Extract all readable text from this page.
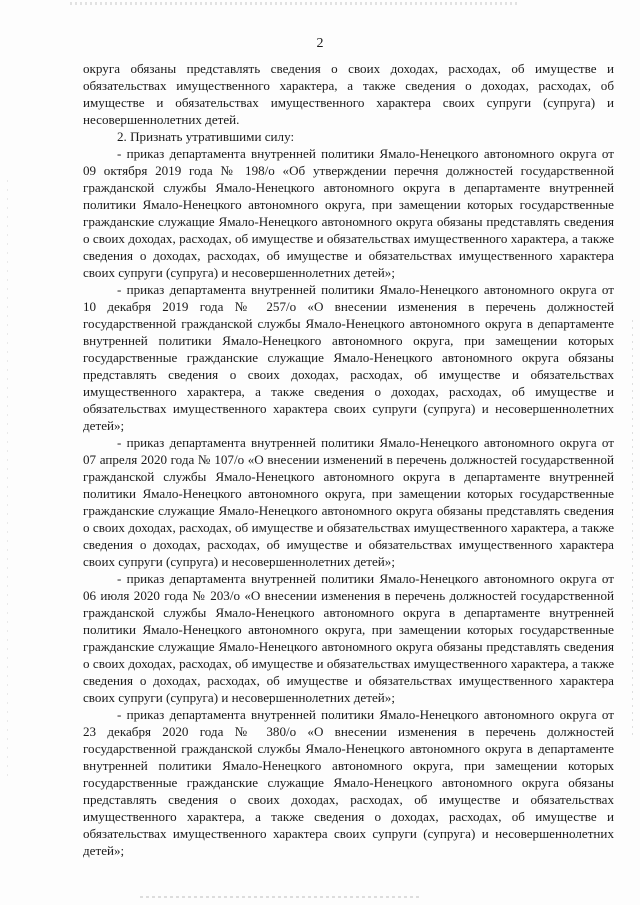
2

округа обязаны представлять сведения о своих доходах, расходах, об имуществе и обязательствах имущественного характера, а также сведения о доходах, расходах, об имуществе и обязательствах имущественного характера своих супруги (супруга) и несовершеннолетних детей.

2. Признать утратившими силу:

- приказ департамента внутренней политики Ямало-Ненецкого автономного округа от 09 октября 2019 года № 198/о «Об утверждении перечня должностей государственной гражданской службы Ямало-Ненецкого автономного округа в департаменте внутренней политики Ямало-Ненецкого автономного округа, при замещении которых государственные гражданские служащие Ямало-Ненецкого автономного округа обязаны представлять сведения о своих доходах, расходах, об имуществе и обязательствах имущественного характера, а также сведения о доходах, расходах, об имуществе и обязательствах имущественного характера своих супруги (супруга) и несовершеннолетних детей»;

- приказ департамента внутренней политики Ямало-Ненецкого автономного округа от 10 декабря 2019 года № 257/о «О внесении изменения в перечень должностей государственной гражданской службы Ямало-Ненецкого автономного округа в департаменте внутренней политики Ямало-Ненецкого автономного округа, при замещении которых государственные гражданские служащие Ямало-Ненецкого автономного округа обязаны представлять сведения о своих доходах, расходах, об имуществе и обязательствах имущественного характера, а также сведения о доходах, расходах, об имуществе и обязательствах имущественного характера своих супруги (супруга) и несовершеннолетних детей»;

- приказ департамента внутренней политики Ямало-Ненецкого автономного округа от 07 апреля 2020 года № 107/о «О внесении изменений в перечень должностей государственной гражданской службы Ямало-Ненецкого автономного округа в департаменте внутренней политики Ямало-Ненецкого автономного округа, при замещении которых государственные гражданские служащие Ямало-Ненецкого автономного округа обязаны представлять сведения о своих доходах, расходах, об имуществе и обязательствах имущественного характера, а также сведения о доходах, расходах, об имуществе и обязательствах имущественного характера своих супруги (супруга) и несовершеннолетних детей»;

- приказ департамента внутренней политики Ямало-Ненецкого автономного округа от 06 июля 2020 года № 203/о «О внесении изменения в перечень должностей государственной гражданской службы Ямало-Ненецкого автономного округа в департаменте внутренней политики Ямало-Ненецкого автономного округа, при замещении которых государственные гражданские служащие Ямало-Ненецкого автономного округа обязаны представлять сведения о своих доходах, расходах, об имуществе и обязательствах имущественного характера, а также сведения о доходах, расходах, об имуществе и обязательствах имущественного характера своих супруги (супруга) и несовершеннолетних детей»;

- приказ департамента внутренней политики Ямало-Ненецкого автономного округа от 23 декабря 2020 года № 380/о «О внесении изменения в перечень должностей государственной гражданской службы Ямало-Ненецкого автономного округа в департаменте внутренней политики Ямало-Ненецкого автономного округа, при замещении которых государственные гражданские служащие Ямало-Ненецкого автономного округа обязаны представлять сведения о своих доходах, расходах, об имуществе и обязательствах имущественного характера, а также сведения о доходах, расходах, об имуществе и обязательствах имущественного характера своих супруги (супруга) и несовершеннолетних детей»;
